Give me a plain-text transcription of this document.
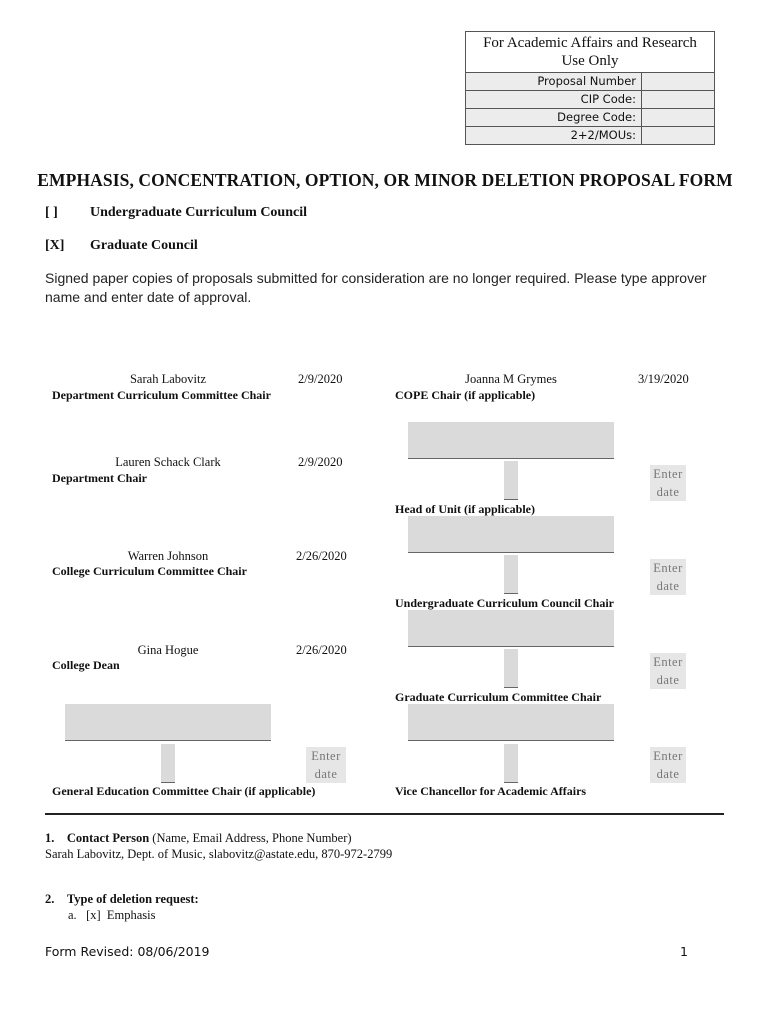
For Academic Affairs and Research Use Only
Proposal Number
CIP Code:
Degree Code:
2+2/MOUs:
EMPHASIS, CONCENTRATION, OPTION, OR MINOR DELETION PROPOSAL FORM
[ ] Undergraduate Curriculum Council
[X] Graduate Council
Signed paper copies of proposals submitted for consideration are no longer required. Please type approver name and enter date of approval.
Sarah Labovitz	2/9/2020
Department Curriculum Committee Chair
Lauren Schack Clark	2/9/2020
Department Chair
Warren Johnson	2/26/2020
College Curriculum Committee Chair
Gina Hogue	2/26/2020
College Dean
Enter
date
General Education Committee Chair (if applicable)
Joanna M Grymes	3/19/2020
COPE Chair (if applicable)
Enter
date
Head of Unit (if applicable)
Enter
date
Undergraduate Curriculum Council Chair
Enter
date
Graduate Curriculum Committee Chair
Enter
date
Vice Chancellor for Academic Affairs
1. Contact Person (Name, Email Address, Phone Number)
Sarah Labovitz, Dept. of Music, slabovitz@astate.edu, 870-972-2799
2. Type of deletion request:
a. [x] Emphasis
Form Revised: 08/06/2019	1
